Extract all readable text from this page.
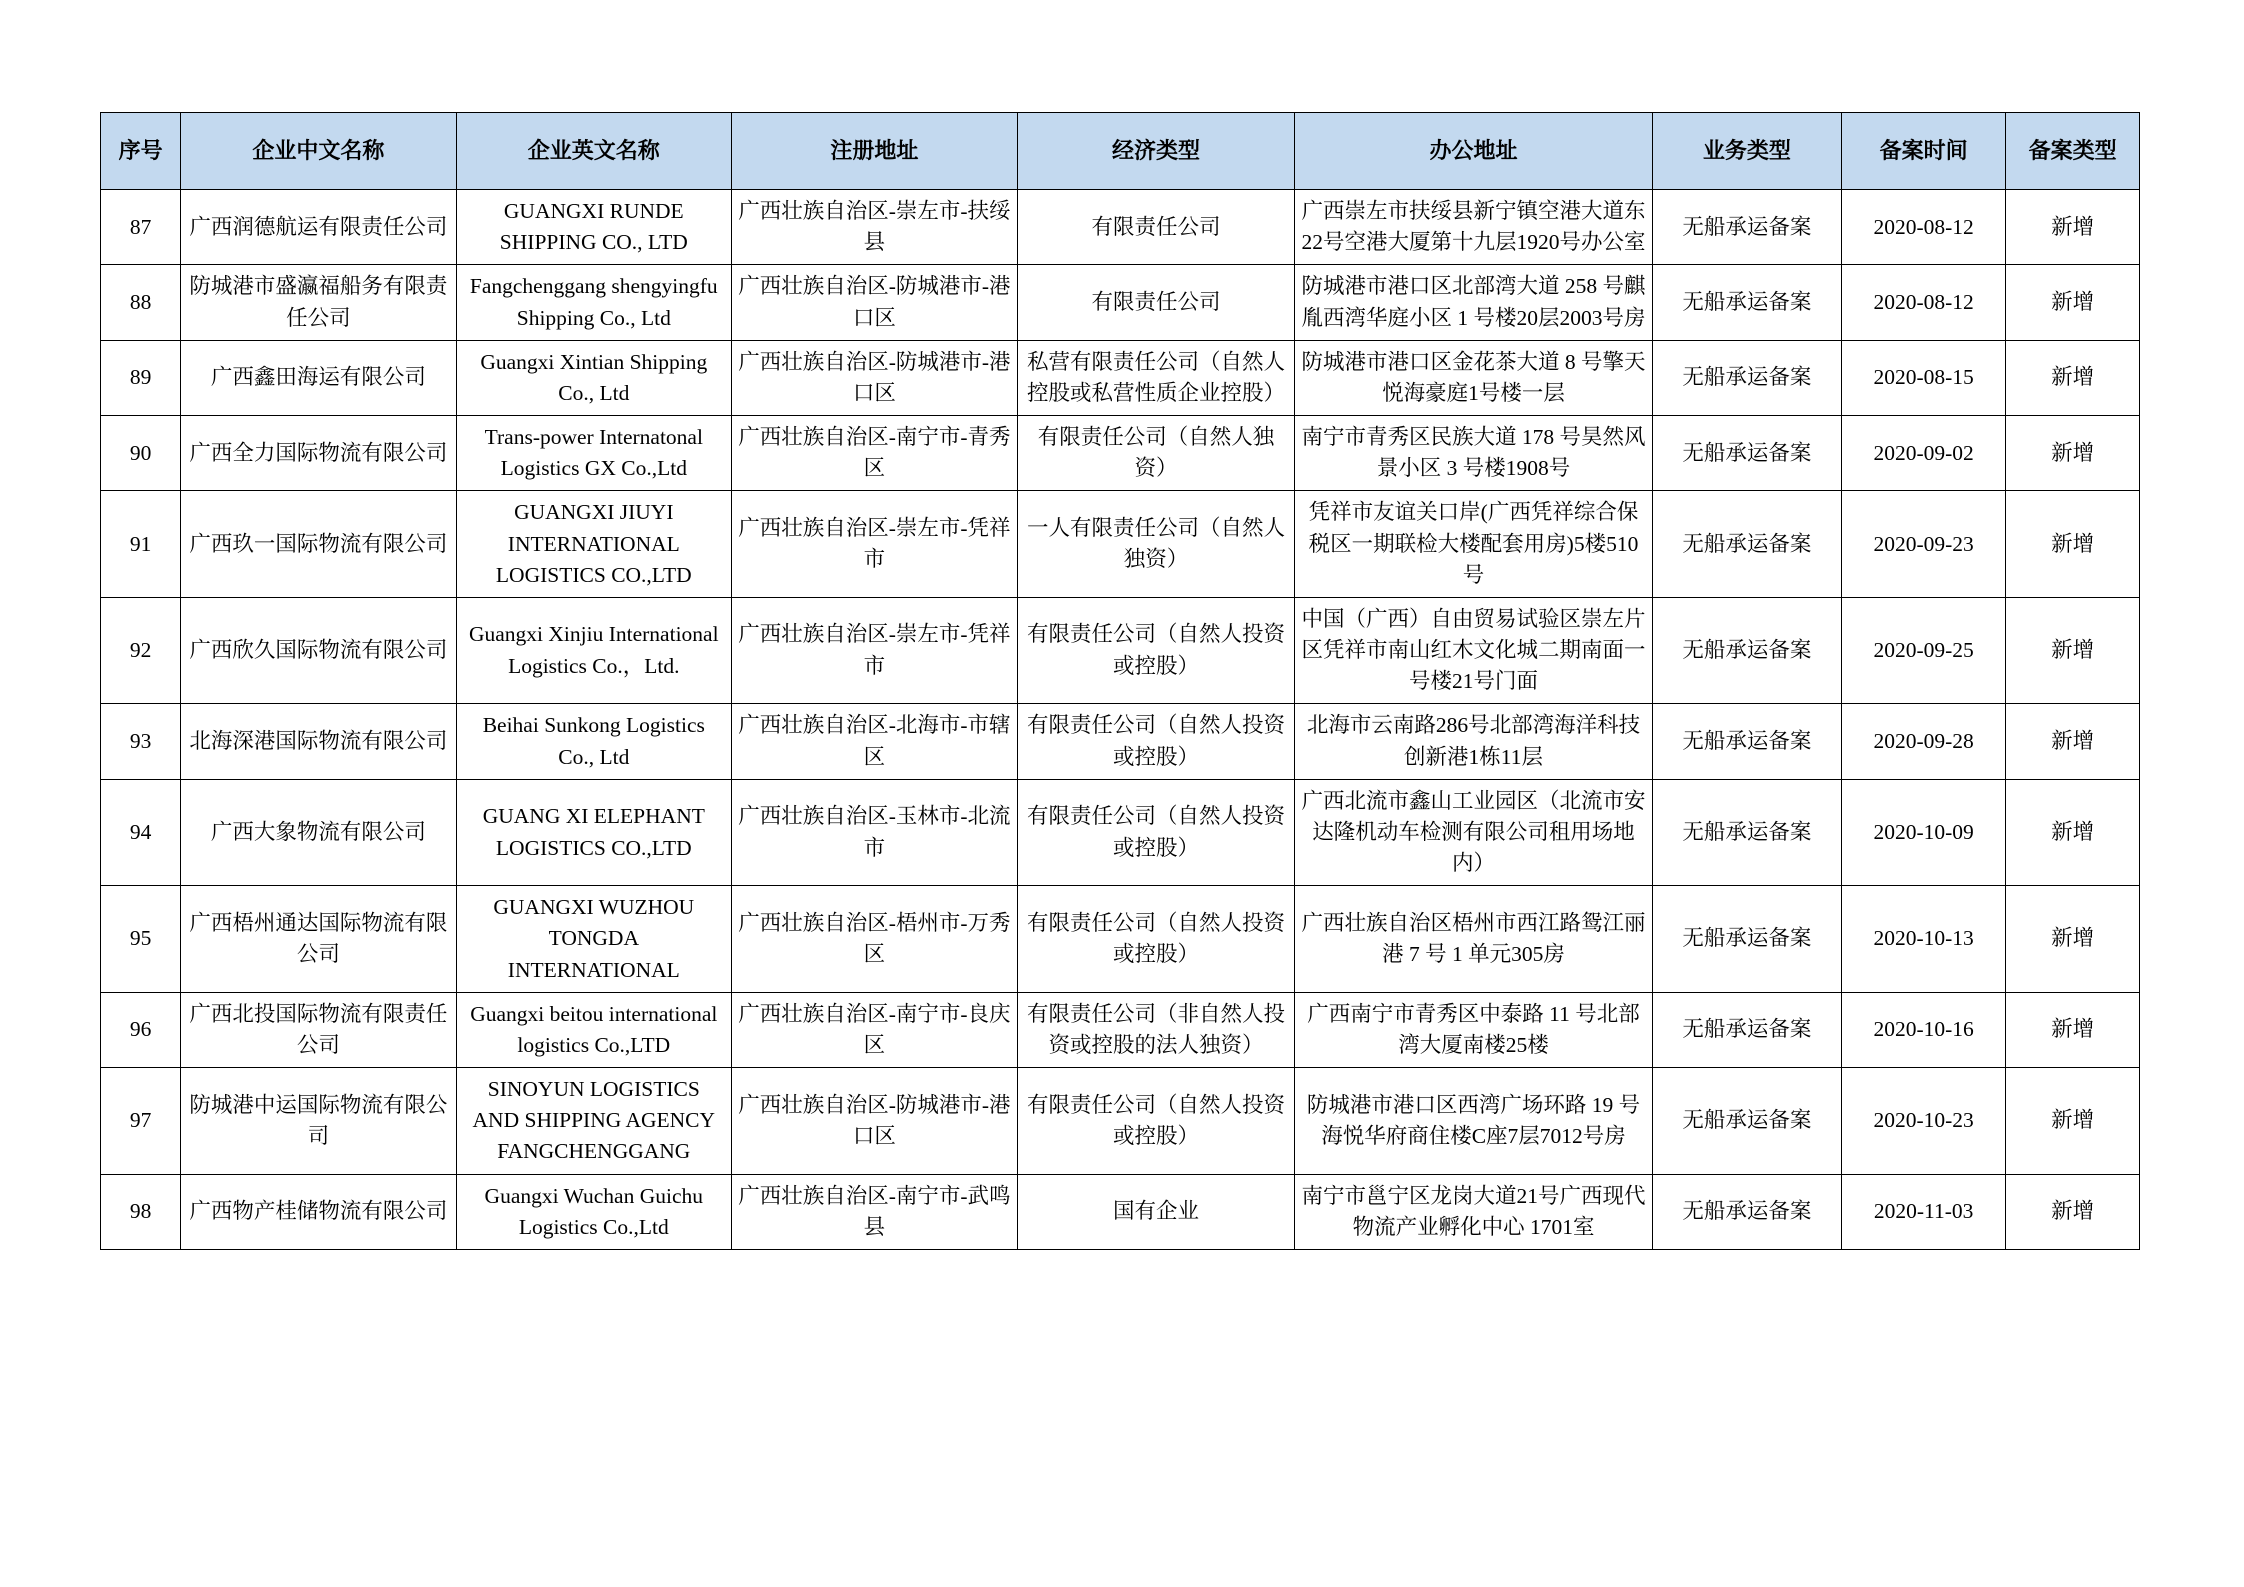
序号	企业中文名称	企业英文名称	注册地址	经济类型	办公地址	业务类型	备案时间	备案类型
87	广西润德航运有限责任公司	GUANGXI RUNDE SHIPPING CO., LTD	广西壮族自治区-崇左市-扶绥县	有限责任公司	广西崇左市扶绥县新宁镇空港大道东22号空港大厦第十九层1920号办公室	无船承运备案	2020-08-12	新增
88	防城港市盛瀛福船务有限责任公司	Fangchenggang shengyingfu Shipping Co., Ltd	广西壮族自治区-防城港市-港口区	有限责任公司	防城港市港口区北部湾大道 258 号麒胤西湾华庭小区 1 号楼20层2003号房	无船承运备案	2020-08-12	新增
89	广西鑫田海运有限公司	Guangxi Xintian Shipping Co., Ltd	广西壮族自治区-防城港市-港口区	私营有限责任公司（自然人控股或私营性质企业控股）	防城港市港口区金花茶大道 8 号擎天悦海豪庭1号楼一层	无船承运备案	2020-08-15	新增
90	广西全力国际物流有限公司	Trans-power Internatonal Logistics GX Co.,Ltd	广西壮族自治区-南宁市-青秀区	有限责任公司（自然人独资）	南宁市青秀区民族大道 178 号昊然风景小区 3 号楼1908号	无船承运备案	2020-09-02	新增
91	广西玖一国际物流有限公司	GUANGXI JIUYI INTERNATIONAL LOGISTICS CO.,LTD	广西壮族自治区-崇左市-凭祥市	一人有限责任公司（自然人独资）	凭祥市友谊关口岸(广西凭祥综合保税区一期联检大楼配套用房)5楼510号	无船承运备案	2020-09-23	新增
92	广西欣久国际物流有限公司	Guangxi Xinjiu International Logistics Co.，Ltd.	广西壮族自治区-崇左市-凭祥市	有限责任公司（自然人投资或控股）	中国（广西）自由贸易试验区崇左片区凭祥市南山红木文化城二期南面一号楼21号门面	无船承运备案	2020-09-25	新增
93	北海深港国际物流有限公司	Beihai Sunkong Logistics Co., Ltd	广西壮族自治区-北海市-市辖区	有限责任公司（自然人投资或控股）	北海市云南路286号北部湾海洋科技创新港1栋11层	无船承运备案	2020-09-28	新增
94	广西大象物流有限公司	GUANG XI ELEPHANT LOGISTICS CO.,LTD	广西壮族自治区-玉林市-北流市	有限责任公司（自然人投资或控股）	广西北流市鑫山工业园区（北流市安达隆机动车检测有限公司租用场地内）	无船承运备案	2020-10-09	新增
95	广西梧州通达国际物流有限公司	GUANGXI WUZHOU TONGDA INTERNATIONAL	广西壮族自治区-梧州市-万秀区	有限责任公司（自然人投资或控股）	广西壮族自治区梧州市西江路鸳江丽港 7 号 1 单元305房	无船承运备案	2020-10-13	新增
96	广西北投国际物流有限责任公司	Guangxi beitou international logistics Co.,LTD	广西壮族自治区-南宁市-良庆区	有限责任公司（非自然人投资或控股的法人独资）	广西南宁市青秀区中泰路 11 号北部湾大厦南楼25楼	无船承运备案	2020-10-16	新增
97	防城港中运国际物流有限公司	SINOYUN LOGISTICS AND SHIPPING AGENCY FANGCHENGGANG	广西壮族自治区-防城港市-港口区	有限责任公司（自然人投资或控股）	防城港市港口区西湾广场环路 19 号海悦华府商住楼C座7层7012号房	无船承运备案	2020-10-23	新增
98	广西物产桂储物流有限公司	Guangxi Wuchan Guichu Logistics Co.,Ltd	广西壮族自治区-南宁市-武鸣县	国有企业	南宁市邕宁区龙岗大道21号广西现代物流产业孵化中心 1701室	无船承运备案	2020-11-03	新增
